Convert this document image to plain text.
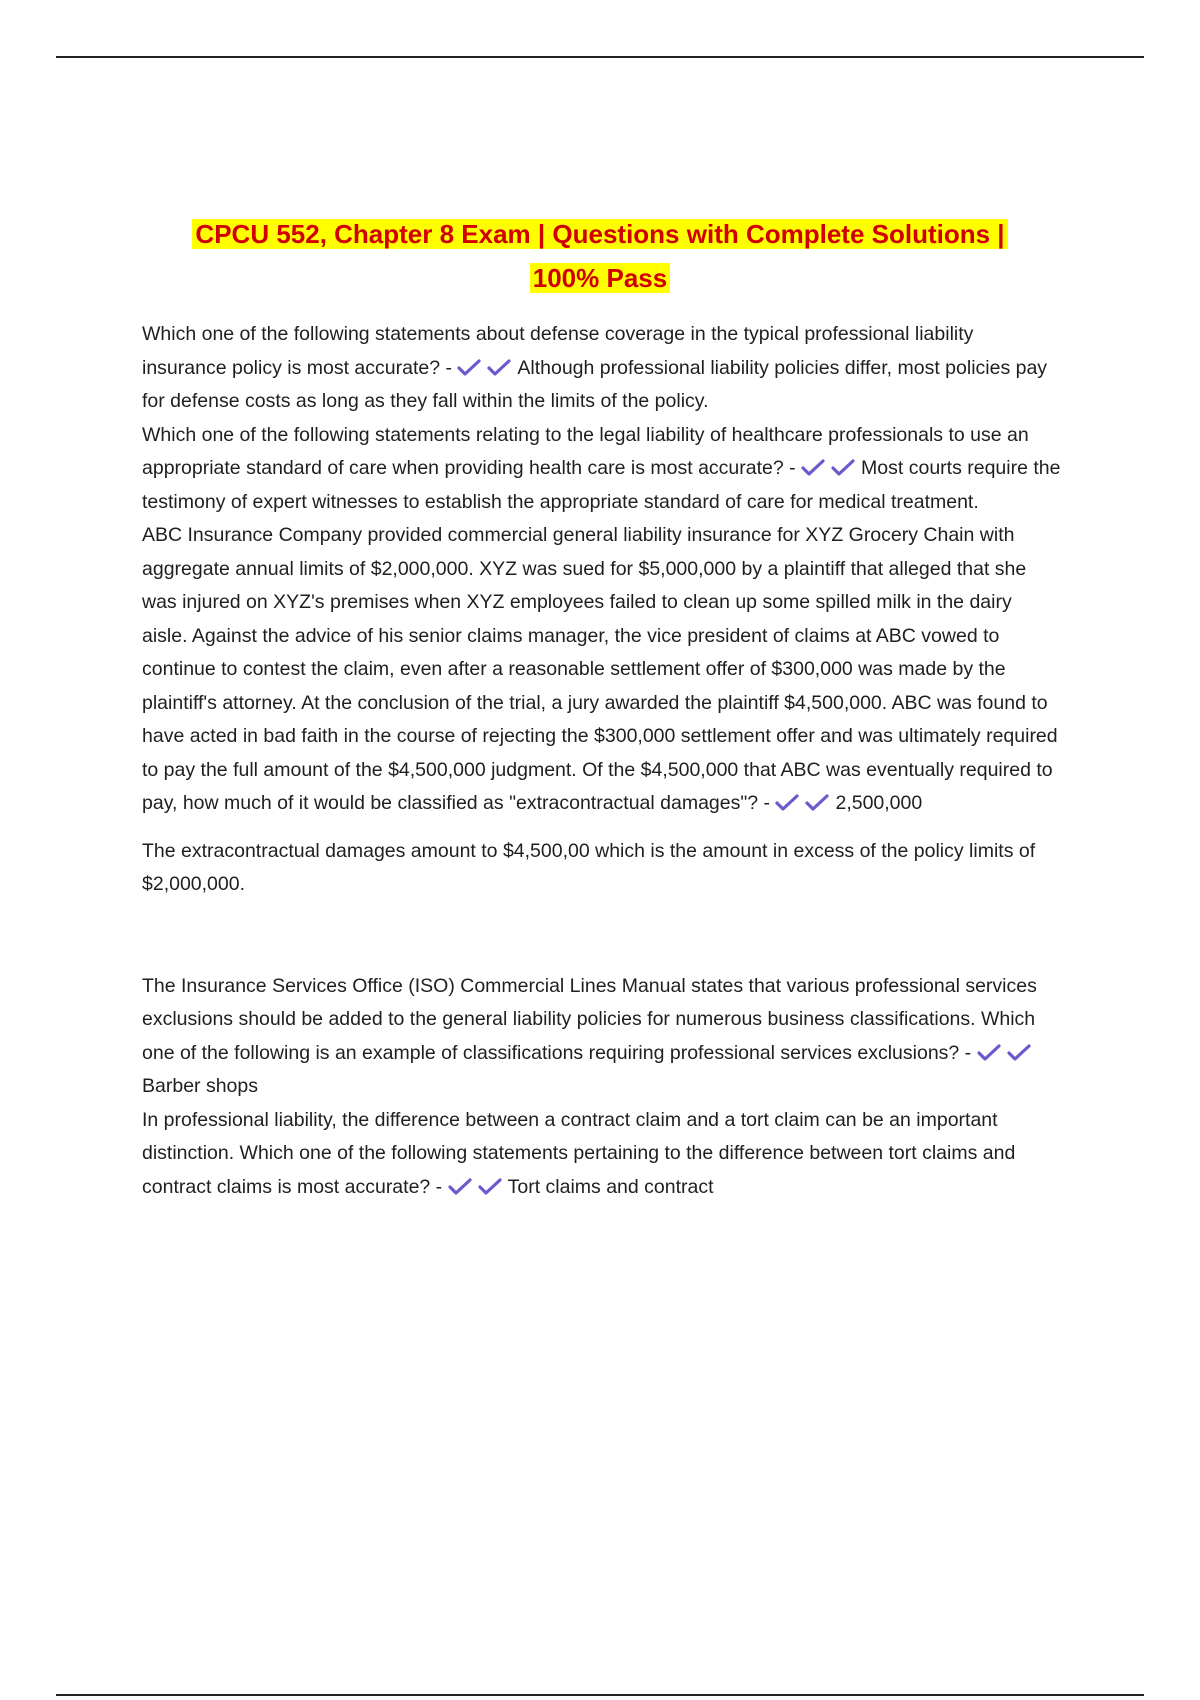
CPCU 552, Chapter 8 Exam | Questions with Complete Solutions |
100% Pass

Which one of the following statements about defense coverage in the typical professional liability insurance policy is most accurate? -	Although professional liability policies differ, most policies pay for defense costs as long as they fall within the limits of the policy.

Which one of the following statements relating to the legal liability of healthcare professionals to use an appropriate standard of care when providing health care is most accurate? -	Most courts require the testimony of expert witnesses to establish the appropriate standard of care for medical treatment.

ABC Insurance Company provided commercial general liability insurance for XYZ Grocery Chain with aggregate annual limits of $2,000,000. XYZ was sued for $5,000,000 by a plaintiff that alleged that she was injured on XYZ's premises when XYZ employees failed to clean up some spilled milk in the dairy aisle. Against the advice of his senior claims manager, the vice president of claims at ABC vowed to continue to contest the claim, even after a reasonable settlement offer of $300,000 was made by the plaintiff's attorney. At the conclusion of the trial, a jury awarded the plaintiff $4,500,000. ABC was found to have acted in bad faith in the course of rejecting the $300,000 settlement offer and was ultimately required to pay the full amount of the $4,500,000 judgment. Of the $4,500,000 that ABC was eventually required to pay, how much of it would be classified as "extracontractual damages"? -	2,500,000

The extracontractual damages amount to $4,500,00 which is the amount in excess of the policy limits of $2,000,000.

The Insurance Services Office (ISO) Commercial Lines Manual states that various professional services exclusions should be added to the general liability policies for numerous business classifications. Which one of the following is an example of classifications requiring professional services exclusions? -
Barber shops

In professional liability, the difference between a contract claim and a tort claim can be an important distinction. Which one of the following statements pertaining to the difference between tort claims and contract claims is most accurate? -	Tort claims and contract
